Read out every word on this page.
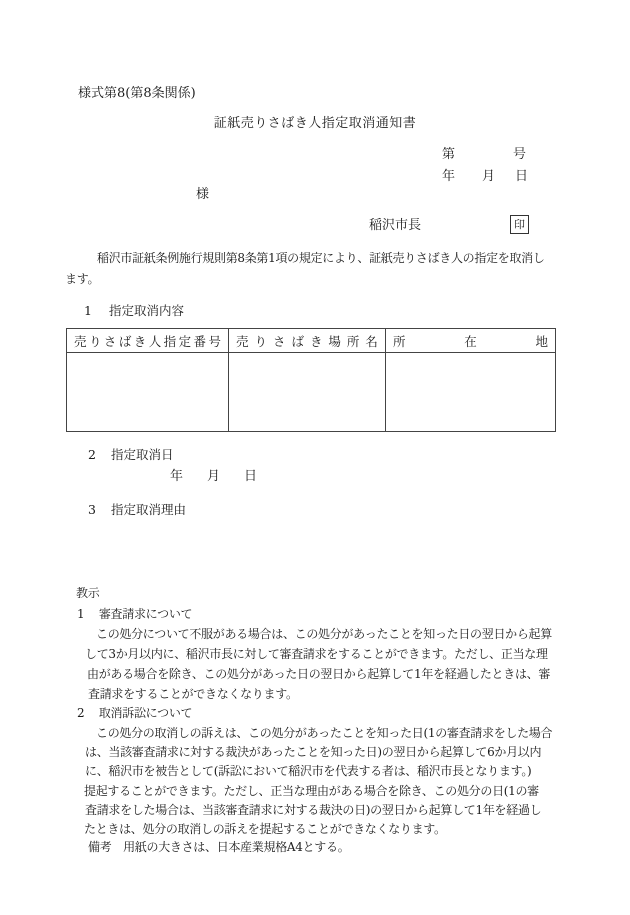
様式第8(第8条関係)
証紙売りさばき人指定取消通知書
第	号
年 月 日
様
稲沢市長	印
稲沢市証紙条例施行規則第8条第1項の規定により、証紙売りさばき人の指定を取消し
ます。
1 指定取消内容
売 り さ ば き 人 指 定 番 号	売 り さ ば き 場 所 名	所	在	地

2 指定取消日
年 月 日
3 指定取消理由
教示
1 審査請求について
この処分について不服がある場合は、この処分があったことを知った日の翌日から起算
して3か月以内に、稲沢市長に対して審査請求をすることができます。ただし、正当な理
由がある場合を除き、この処分があった日の翌日から起算して1年を経過したときは、審
査請求をすることができなくなります。
2 取消訴訟について
この処分の取消しの訴えは、この処分があったことを知った日(1の審査請求をした場合
は、当該審査請求に対する裁決があったことを知った日)の翌日から起算して6か月以内
に、稲沢市を被告として(訴訟において稲沢市を代表する者は、稲沢市長となります。)
提起することができます。ただし、正当な理由がある場合を除き、この処分の日(1の審
査請求をした場合は、当該審査請求に対する裁決の日)の翌日から起算して1年を経過し
たときは、処分の取消しの訴えを提起することができなくなります。
備考　用紙の大きさは、日本産業規格A4とする。
